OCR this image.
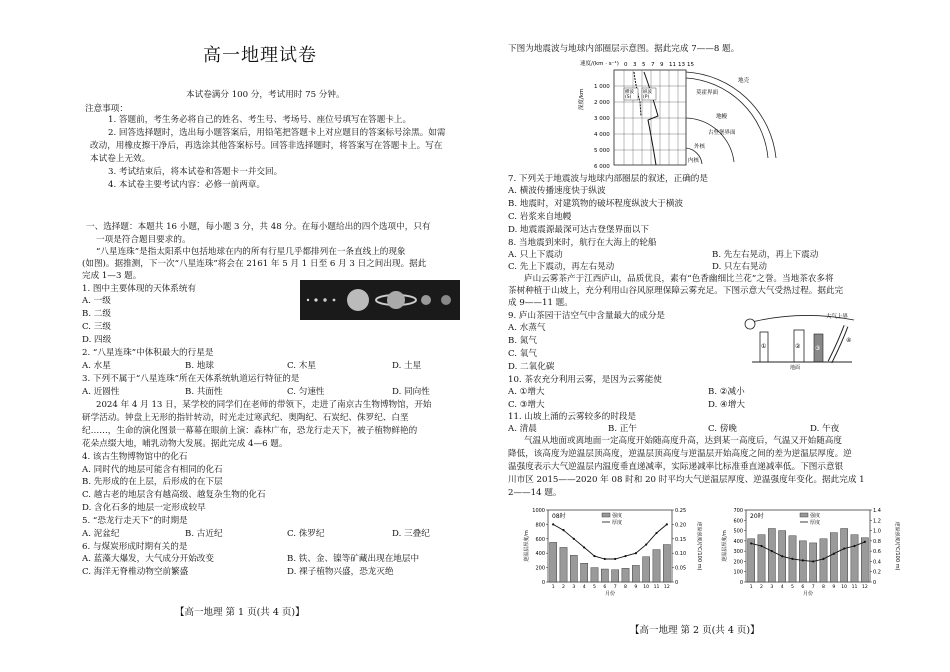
高一地理试卷
本试卷满分 100 分，考试用时 75 分钟。
注意事项：
1. 答题前，考生务必将自己的姓名、考生号、考场号、座位号填写在答题卡上。
2. 回答选择题时，选出每小题答案后，用铅笔把答题卡上对应题目的答案标号涂黑。如需
改动，用橡皮擦干净后，再选涂其他答案标号。回答非选择题时，将答案写在答题卡上。写在
本试卷上无效。
3. 考试结束后，将本试卷和答题卡一并交回。
4. 本试卷主要考试内容：必修一前两章。
一、选择题：本题共 16 小题，每小题 3 分，共 48 分。在每小题给出的四个选项中，只有
一项是符合题目要求的。
“八星连珠”是指太阳系中包括地球在内的所有行星几乎都排列在一条直线上的现象
(如图)。据推测，下一次“八星连珠”将会在 2161 年 5 月 1 日至 6 月 3 日之间出现。据此
完成 1—3 题。
1. 图中主要体现的天体系统有
A. 一级
B. 二级
C. 三级
D. 四级
2. “八星连珠”中体积最大的行星是
A. 水星	B. 地球	C. 木星	D. 土星
3. 下列不属于“八星连珠”所在天体系统轨道运行特征的是
A. 近圆性	B. 共面性	C. 匀速性	D. 同向性
2024 年 4 月 13 日，某学校的同学们在老师的带领下，走进了南京古生物博物馆，开始
研学活动。钟盘上无形的指针转动，时光走过寒武纪、奥陶纪、石炭纪、侏罗纪、白垩
纪……，生命的演化图景一幕幕在眼前上演：森林广布，恐龙行走天下，被子植物鲜艳的
花朵点缀大地，哺乳动物大发展。据此完成 4—6 题。
4. 该古生物博物馆中的化石
A. 同时代的地层可能含有相同的化石
B. 先形成的在上层，后形成的在下层
C. 越古老的地层含有越高级、越复杂生物的化石
D. 含化石多的地层一定形成较早
5. “恐龙行走天下”的时期是
A. 泥盆纪	B. 古近纪	C. 侏罗纪	D. 三叠纪
6. 与煤炭形成时期有关的是
A. 蓝藻大爆发，大气成分开始改变	B. 铁、金、镍等矿藏出现在地层中
C. 海洋无脊椎动物空前繁盛	D. 裸子植物兴盛，恐龙灭绝
【高一地理 第 1 页(共 4 页)】
下图为地震波与地球内部圈层示意图。据此完成 7——8 题。
速度/(km · s⁻¹) 0 3 5 7 9 11 13 15
1 000
2 000
3 000
4 000
5 000
6 000
深度/km	横波(S)
纵波(P)
地壳
莫霍界面
地幔
古登堡界面
外核
内核
7. 下列关于地震波与地球内部圈层的叙述，正确的是
A. 横波传播速度快于纵波
B. 地震时，对建筑物的破坏程度纵波大于横波
C. 岩浆来自地幔
D. 地震震源最深可达古登堡界面以下
8. 当地震到来时，航行在大海上的轮船
A. 只上下震动	B. 先左右晃动，再上下震动
C. 先上下震动，再左右晃动	D. 只左右晃动
庐山云雾茶产于江西庐山，品质优良，素有“色香幽细比兰花”之誉。当地茶农多将
茶树种植于山坡上，充分利用山谷风原理保障云雾充足。下图示意大气受热过程。据此完
成 9——11 题。
大气上界
①	② ③
④
地面
9. 庐山茶园干洁空气中含量最大的成分是
A. 水蒸气
B. 氮气
C. 氧气
D. 二氧化碳
10. 茶农充分利用云雾，是因为云雾能使
A. ①增大	B. ②减小
C. ③增大	D. ④增大
11. 山坡上涌的云雾较多的时段是
A. 清晨	B. 正午	C. 傍晚	D. 午夜
气温从地面或离地面一定高度开始随高度升高，达到某一高度后，气温又开始随高度
降低，该高度为逆温层顶高度，逆温层顶高度与逆温层开始高度之间的差为逆温层厚度。逆
温强度表示大气逆温层内温度垂直递减率，实际递减率比标准垂直递减率低。下图示意银
川市区 2015——2020 年 08 时和 20 时平均大气逆温层厚度、逆温强度年变化。据此完成 1
2——14 题。
0
200
400
600
800
1000
0
0.05
0.10
0.15
0.20
0.25
逆温层厚度/m	逆温强度/(℃/100 m)
08时	强度
厚度
1 2 3 4 5 6 7 8 9 10 11 12
月份
0
100
200
300
400
500
600
700
0
0.2
0.4
0.6
0.8
1.0
1.2
1.4
逆温层厚度/m	逆温强度/(℃/100 m)
20时	强度
厚度
1 2 3 4 5 6 7 8 9 10 11 12
月份
【高一地理 第 2 页(共 4 页)】
